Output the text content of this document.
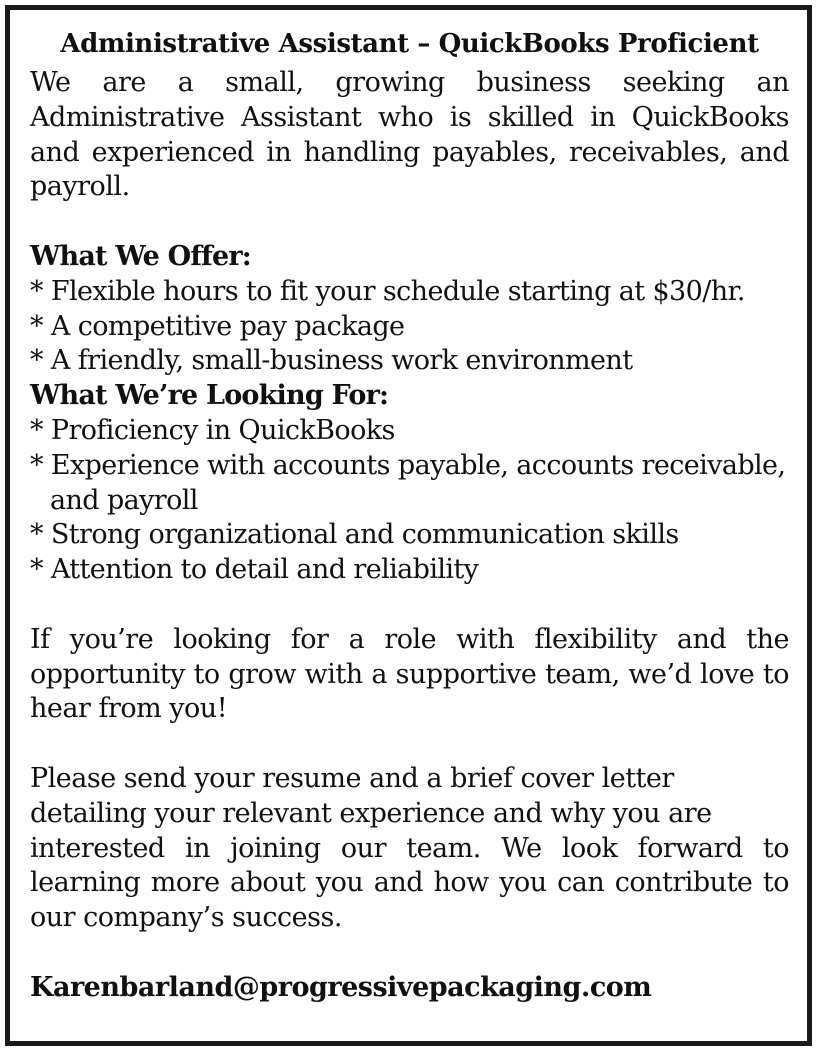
Administrative Assistant – QuickBooks Proficient

We are a small, growing business seeking an Administrative Assistant who is skilled in QuickBooks and experienced in handling payables, receivables, and payroll.

What We Offer:
* Flexible hours to fit your schedule starting at $30/hr.
* A competitive pay package
* A friendly, small-business work environment
What We’re Looking For:
* Proficiency in QuickBooks
* Experience with accounts payable, accounts receivable, and payroll
* Strong organizational and communication skills
* Attention to detail and reliability

If you’re looking for a role with flexibility and the opportunity to grow with a supportive team, we’d love to hear from you!

Please send your resume and a brief cover letter
detailing your relevant experience and why you are

interested in joining our team. We look forward to learning more about you and how you can contribute to our company’s success.

Karenbarland@progressivepackaging.com
